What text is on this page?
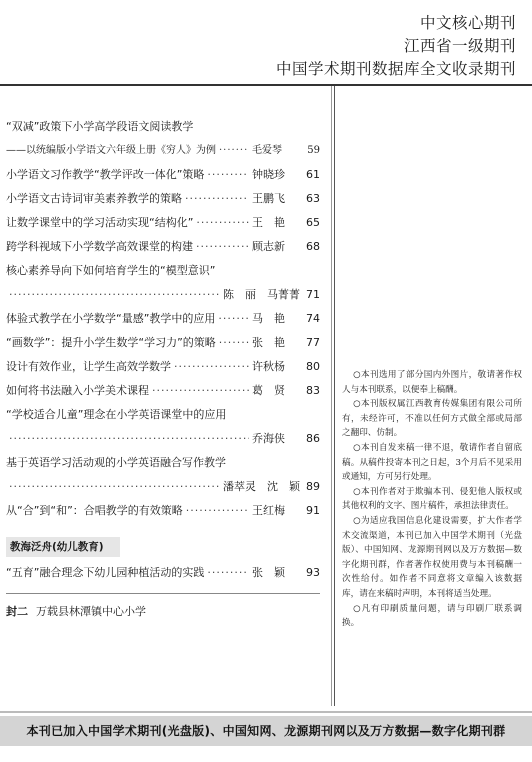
中文核心期刊
江西省一级期刊
中国学术期刊数据库全文收录期刊
“双减”政策下小学高学段语文阅读教学
——以统编版小学语文六年级上册《穷人》为例 ·····	毛爱琴	59
小学语文习作教学“教学评改一体化”策略 ·····	钟晓珍	61
小学语文古诗词审美素养教学的策略 ·····	王鹏飞	63
让数学课堂中的学习活动实现“结构化” ·····	王　艳	65
跨学科视域下小学数学高效课堂的构建 ·····	顾志新	68
核心素养导向下如何培育学生的“模型意识”
·····
陈　丽　马菁菁 71
体验式教学在小学数学“量感”教学中的应用 ·····	马　艳	74
“画数学”：提升小学生数学“学习力”的策略 ·····	张　艳	77
设计有效作业，让学生高效学数学 ·····	许秋杨	80
如何将书法融入小学美术课程 ·····	葛　贤	83
“学校适合儿童”理念在小学英语课堂中的应用
·····
乔海侠	86
基于英语学习活动观的小学英语融合写作教学
·····
潘萃灵　沈　颖 89
从“合”到“和”：合唱教学的有效策略 ·····	王红梅	91
教海泛舟(幼儿教育)
“五育”融合理念下幼儿园种植活动的实践 ·····	张　颖	93
封二 万载县林潭镇中心小学

○本刊选用了部分国内外图片，敬请著作权人与本刊联系，以便奉上稿酬。

○本刊版权属江西教育传媒集团有限公司所有，未经许可，不准以任何方式做全部或局部之翻印、仿制。

○本刊自发来稿一律不退，敬请作者自留底稿。从稿件投寄本刊之日起，3个月后不见采用或通知，方可另行处理。

○本刊作者对于欺骗本刊、侵犯他人版权或其他权利的文字、图片稿件，承担法律责任。

○为适应我国信息化建设需要，扩大作者学术交流渠道，本刊已加入中国学术期刊（光盘版）、中国知网、龙源期刊网以及万方数据—数字化期刊群，作者著作权使用费与本刊稿酬一次性给付。如作者不同意将文章编入该数据库，请在来稿时声明，本刊将适当处理。

○凡有印刷质量问题，请与印刷厂联系调换。

本刊已加入中国学术期刊(光盘版)、中国知网、龙源期刊网以及万方数据—数字化期刊群
